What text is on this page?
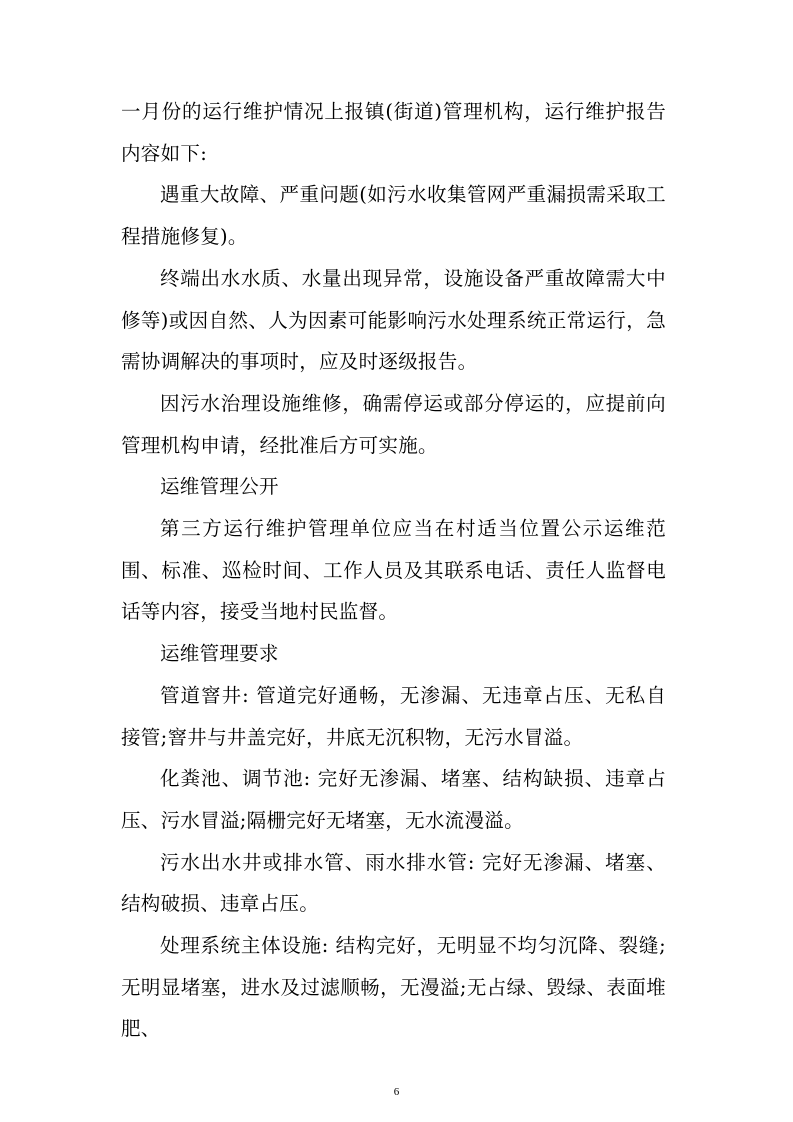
一月份的运行维护情况上报镇(街道)管理机构，运行维护报告内容如下:

遇重大故障、严重问题(如污水收集管网严重漏损需采取工程措施修复)。

终端出水水质、水量出现异常，设施设备严重故障需大中修等)或因自然、人为因素可能影响污水处理系统正常运行，急需协调解决的事项时，应及时逐级报告。

因污水治理设施维修，确需停运或部分停运的，应提前向管理机构申请，经批准后方可实施。

运维管理公开

第三方运行维护管理单位应当在村适当位置公示运维范围、标准、巡检时间、工作人员及其联系电话、责任人监督电话等内容，接受当地村民监督。

运维管理要求

管道窨井: 管道完好通畅，无渗漏、无违章占压、无私自接管;窨井与井盖完好，井底无沉积物，无污水冒溢。

化粪池、调节池: 完好无渗漏、堵塞、结构缺损、违章占压、污水冒溢;隔栅完好无堵塞，无水流漫溢。

污水出水井或排水管、雨水排水管: 完好无渗漏、堵塞、结构破损、违章占压。

处理系统主体设施: 结构完好，无明显不均匀沉降、裂缝;无明显堵塞，进水及过滤顺畅，无漫溢;无占绿、毁绿、表面堆肥、

6
